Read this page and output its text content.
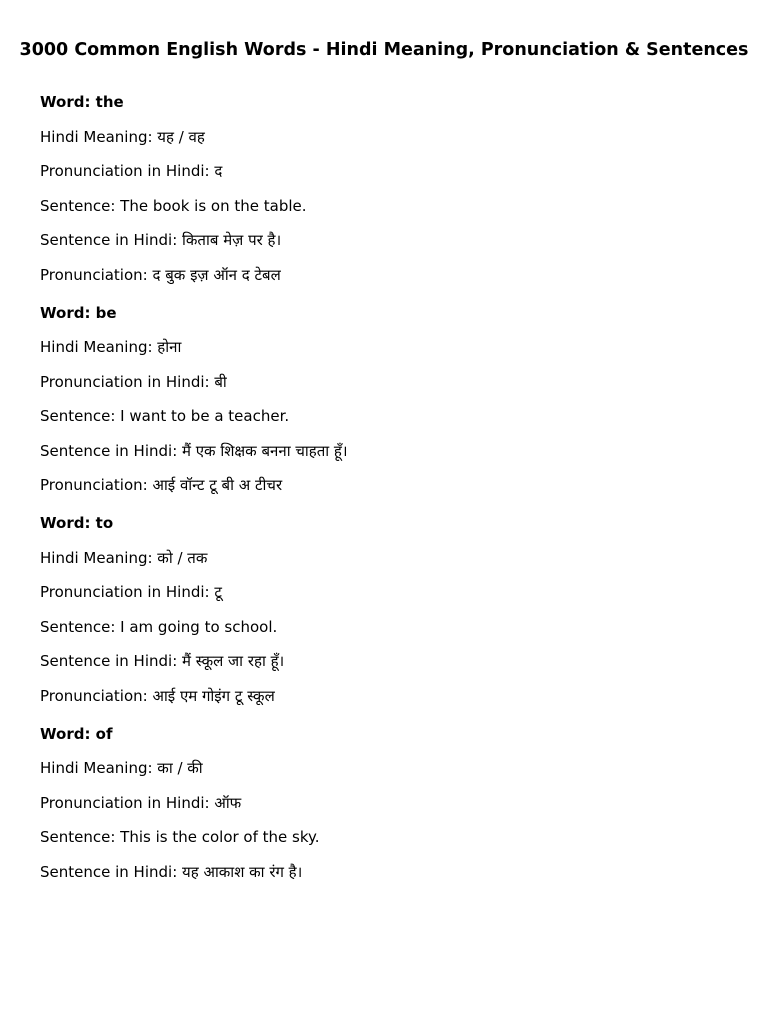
3000 Common English Words - Hindi Meaning, Pronunciation & Sentences
Word: the
Hindi Meaning: यह / वह
Pronunciation in Hindi: द
Sentence: The book is on the table.
Sentence in Hindi: किताब मेज़ पर है।
Pronunciation: द बुक इज़ ऑन द टेबल
Word: be
Hindi Meaning: होना
Pronunciation in Hindi: बी
Sentence: I want to be a teacher.
Sentence in Hindi: मैं एक शिक्षक बनना चाहता हूँ।
Pronunciation: आई वॉन्ट टू बी अ टीचर
Word: to
Hindi Meaning: को / तक
Pronunciation in Hindi: टू
Sentence: I am going to school.
Sentence in Hindi: मैं स्कूल जा रहा हूँ।
Pronunciation: आई एम गोइंग टू स्कूल
Word: of
Hindi Meaning: का / की
Pronunciation in Hindi: ऑफ
Sentence: This is the color of the sky.
Sentence in Hindi: यह आकाश का रंग है।
